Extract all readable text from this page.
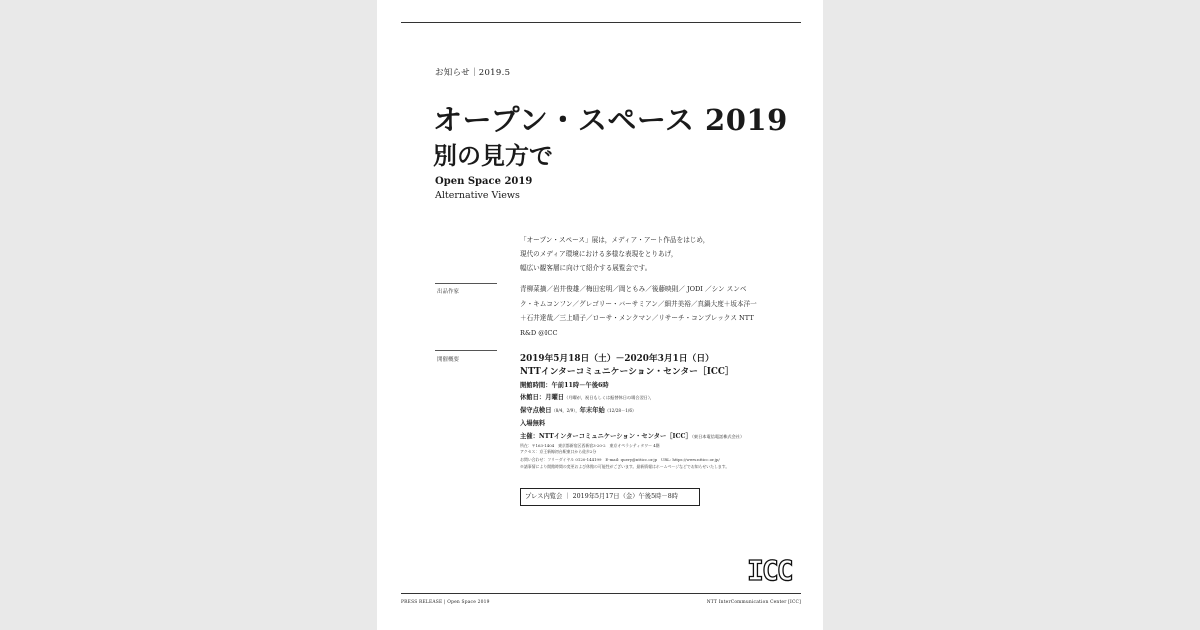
お知らせ｜2019.5
オープン・スペース 2019
別の見方で
Open Space 2019
Alternative Views
「オープン・スペース」展は，メディア・アート作品をはじめ，
現代のメディア環境における多様な表現をとりあげ，
幅広い観客層に向けて紹介する展覧会です。
出品作家	青柳菜摘／岩井俊雄／梅田宏明／岡ともみ／後藤映則／ JODI ／シン スンベ
ク・キムコンフン／グレゴリー・バーサミアン／細井美裕／真鍋大度＋坂本洋一
＋石井達哉／三上晴子／ローサ・メンクマン／リサーチ・コンプレックス NTT
R&D @ICC
開催概要	2019年5月18日（土）－2020年3月1日（日）
NTTインターコミュニケーション・センター［ICC］
開館時間：午前11時－午後6時
休館日：月曜日（月曜が，祝日もしくは振替休日の場合翌日），
保守点検日（8/4，2/9），年末年始（12/28－1/6）
入場無料
主催：NTTインターコミュニケーション・センター［ICC］（東日本電信電話株式会社）
所在：〒163-1404　東京都新宿区西新宿3-20-2　東京オペラシティタワー 4階
アクセス：京王新線初台駅東口から徒歩2分
お問い合わせ：フリーダイヤル 0120-144199　E-mail: query@ntticc.or.jp　URL: https://www.ntticc.or.jp/
※諸事情により開館時間の変更および休館の可能性がございます。最新情報はホームページなどでお知らせいたします。
プレス内覧会 ｜ 2019年5月17日（金）午後5時－8時
ICC
PRESS RELEASE | Open Space 2019	NTT InterCommunication Center [ICC]
